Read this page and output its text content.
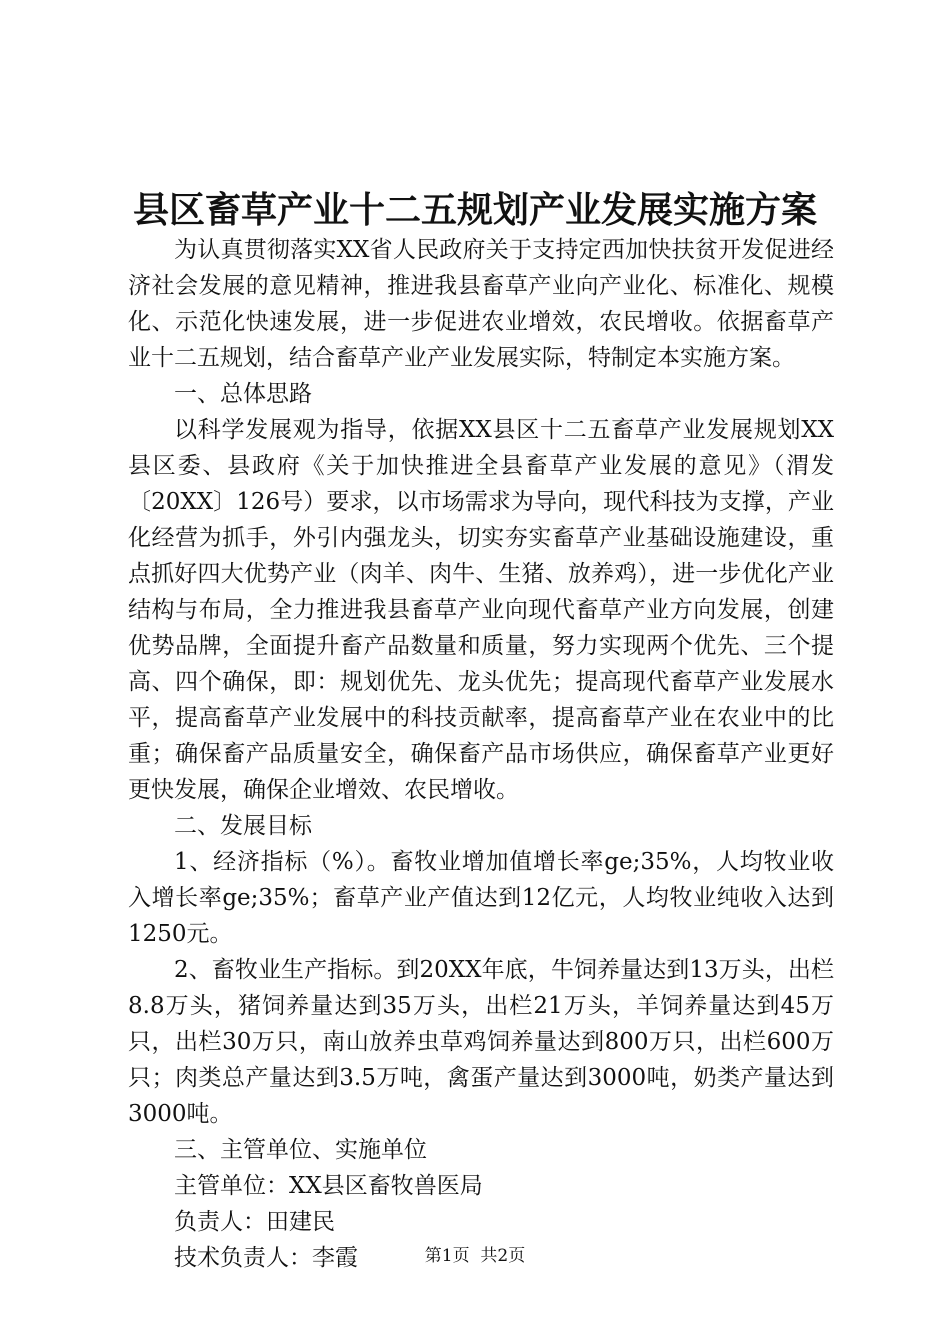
县区畜草产业十二五规划产业发展实施方案

为认真贯彻落实XX省人民政府关于支持定西加快扶贫开发促进经济社会发展的意见精神，推进我县畜草产业向产业化、标准化、规模化、示范化快速发展，进一步促进农业增效，农民增收。依据畜草产业十二五规划，结合畜草产业产业发展实际，特制定本实施方案。

一、总体思路

以科学发展观为指导，依据XX县区十二五畜草产业发展规划XX县区委、县政府《关于加快推进全县畜草产业发展的意见》（渭发〔20XX〕126号）要求，以市场需求为导向，现代科技为支撑，产业化经营为抓手，外引内强龙头，切实夯实畜草产业基础设施建设，重点抓好四大优势产业（肉羊、肉牛、生猪、放养鸡），进一步优化产业结构与布局，全力推进我县畜草产业向现代畜草产业方向发展，创建优势品牌，全面提升畜产品数量和质量，努力实现两个优先、三个提高、四个确保，即：规划优先、龙头优先；提高现代畜草产业发展水平，提高畜草产业发展中的科技贡献率，提高畜草产业在农业中的比重；确保畜产品质量安全，确保畜产品市场供应，确保畜草产业更好更快发展，确保企业增效、农民增收。

二、发展目标

1、经济指标（%）。畜牧业增加值增长率ge;35%，人均牧业收入增长率ge;35%；畜草产业产值达到12亿元，人均牧业纯收入达到1250元。

2、畜牧业生产指标。到20XX年底，牛饲养量达到13万头，出栏8.8万头，猪饲养量达到35万头，出栏21万头，羊饲养量达到45万只，出栏30万只，南山放养虫草鸡饲养量达到800万只，出栏600万只；肉类总产量达到3.5万吨，禽蛋产量达到3000吨，奶类产量达到3000吨。

三、主管单位、实施单位

主管单位：XX县区畜牧兽医局

负责人：田建民

技术负责人：李霞	第1页  共2页
